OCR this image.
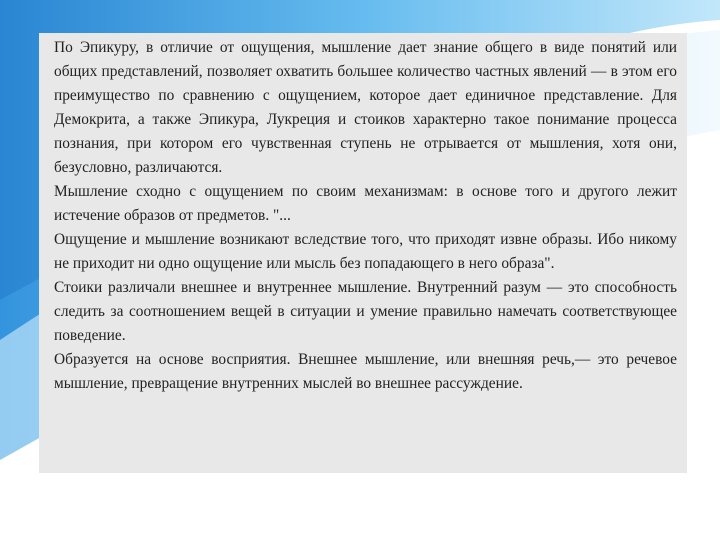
По Эпикуру, в отличие от ощущения, мышление дает знание общего в виде понятий или общих представлений, позволяет охватить большее количество частных явлений — в этом его преимущество по сравнению с ощущением, которое дает единичное представление. Для Демокрита, а также Эпикура, Лукреция и стоиков характерно такое понимание процесса познания, при котором его чувственная ступень не отрывается от мышления, хотя они, безусловно, различаются.

Мышление сходно с ощущением по своим механизмам: в основе того и другого лежит истечение образов от предметов. "...

Ощущение и мышление возникают вследствие того, что приходят извне образы. Ибо никому не приходит ни одно ощущение или мысль без попадающего в него образа".

Стоики различали внешнее и внутреннее мышление. Внутренний разум — это способность следить за соотношением вещей в ситуации и умение правильно намечать соответствующее поведение.

Образуется на основе восприятия. Внешнее мышление, или внешняя речь,— это речевое мышление, превращение внутренних мыслей во внешнее рассуждение.
